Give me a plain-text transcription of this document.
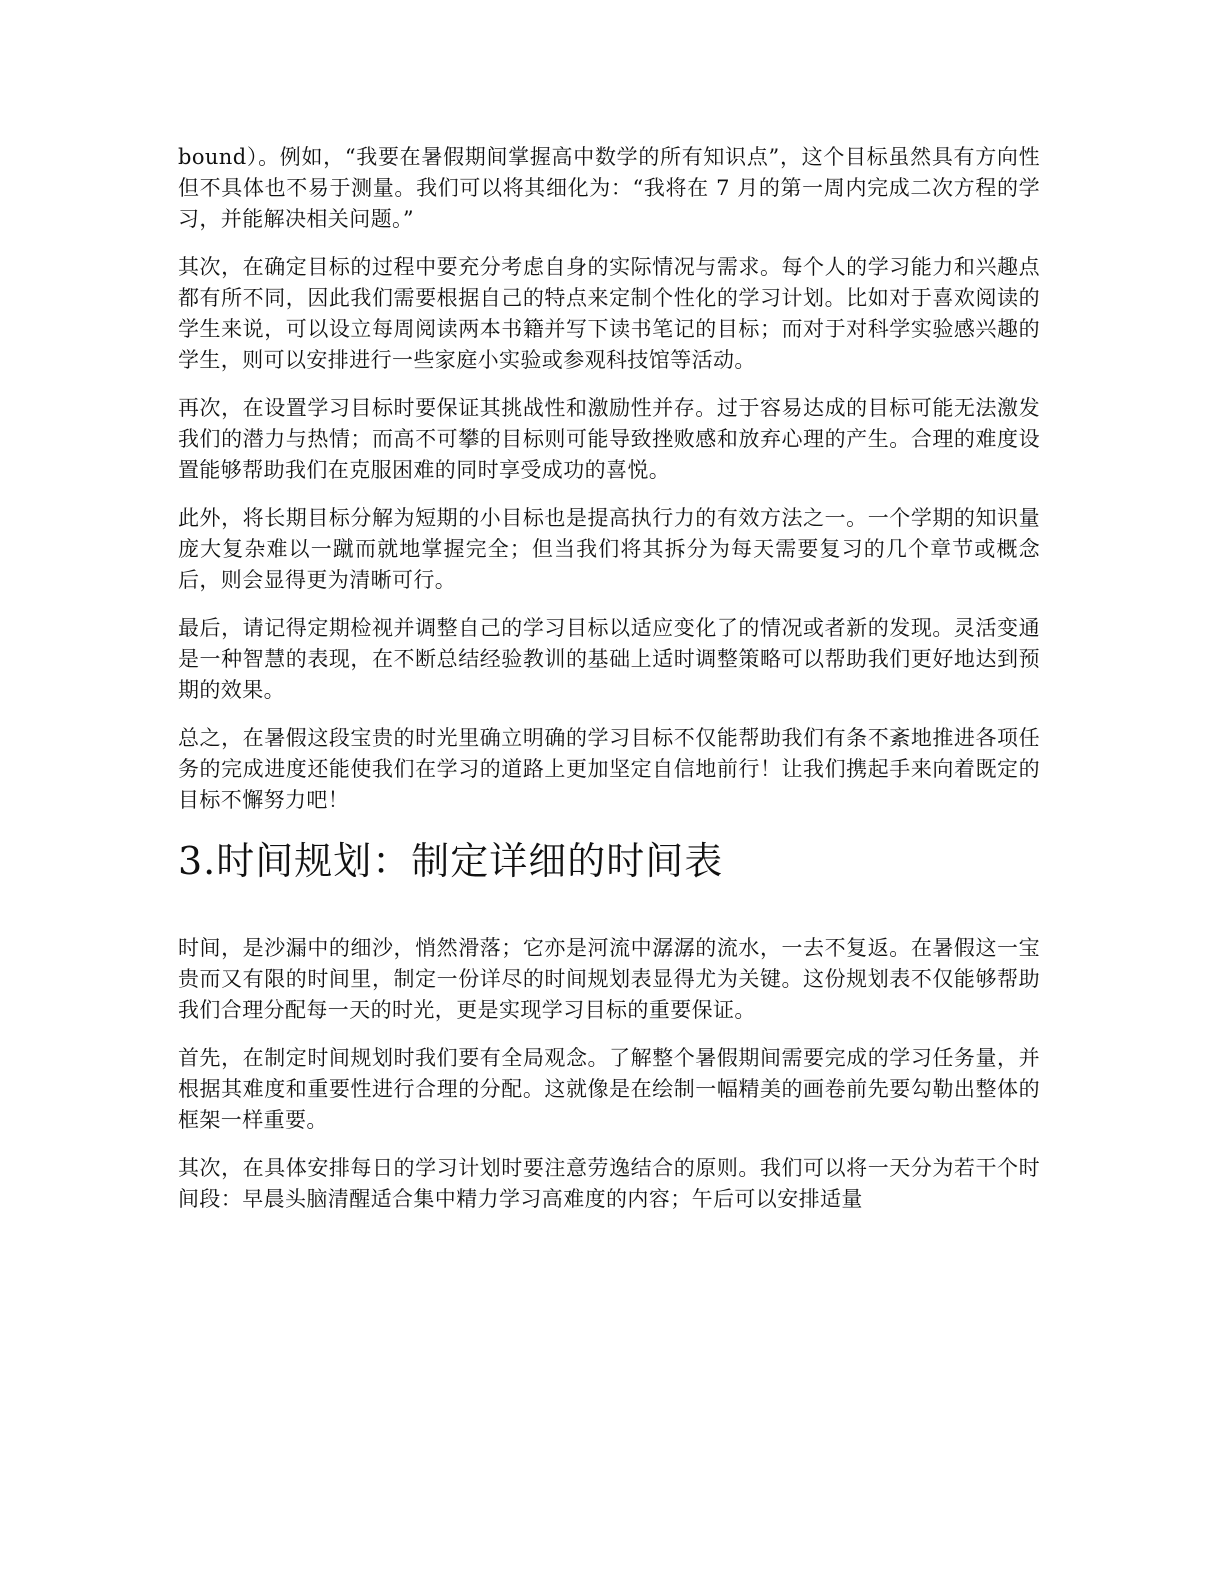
bound）。例如，“我要在暑假期间掌握高中数学的所有知识点”，这个目标虽然具有方向性但不具体也不易于测量。我们可以将其细化为：“我将在 7 月的第一周内完成二次方程的学习，并能解决相关问题。”

其次，在确定目标的过程中要充分考虑自身的实际情况与需求。每个人的学习能力和兴趣点都有所不同，因此我们需要根据自己的特点来定制个性化的学习计划。比如对于喜欢阅读的学生来说，可以设立每周阅读两本书籍并写下读书笔记的目标；而对于对科学实验感兴趣的学生，则可以安排进行一些家庭小实验或参观科技馆等活动。

再次，在设置学习目标时要保证其挑战性和激励性并存。过于容易达成的目标可能无法激发我们的潜力与热情；而高不可攀的目标则可能导致挫败感和放弃心理的产生。合理的难度设置能够帮助我们在克服困难的同时享受成功的喜悦。

此外，将长期目标分解为短期的小目标也是提高执行力的有效方法之一。一个学期的知识量庞大复杂难以一蹴而就地掌握完全；但当我们将其拆分为每天需要复习的几个章节或概念后，则会显得更为清晰可行。

最后，请记得定期检视并调整自己的学习目标以适应变化了的情况或者新的发现。灵活变通是一种智慧的表现，在不断总结经验教训的基础上适时调整策略可以帮助我们更好地达到预期的效果。

总之，在暑假这段宝贵的时光里确立明确的学习目标不仅能帮助我们有条不紊地推进各项任务的完成进度还能使我们在学习的道路上更加坚定自信地前行！让我们携起手来向着既定的目标不懈努力吧！

3.时间规划：制定详细的时间表

时间，是沙漏中的细沙，悄然滑落；它亦是河流中潺潺的流水，一去不复返。在暑假这一宝贵而又有限的时间里，制定一份详尽的时间规划表显得尤为关键。这份规划表不仅能够帮助我们合理分配每一天的时光，更是实现学习目标的重要保证。

首先，在制定时间规划时我们要有全局观念。了解整个暑假期间需要完成的学习任务量，并根据其难度和重要性进行合理的分配。这就像是在绘制一幅精美的画卷前先要勾勒出整体的框架一样重要。

其次，在具体安排每日的学习计划时要注意劳逸结合的原则。我们可以将一天分为若干个时间段：早晨头脑清醒适合集中精力学习高难度的内容；午后可以安排适量
